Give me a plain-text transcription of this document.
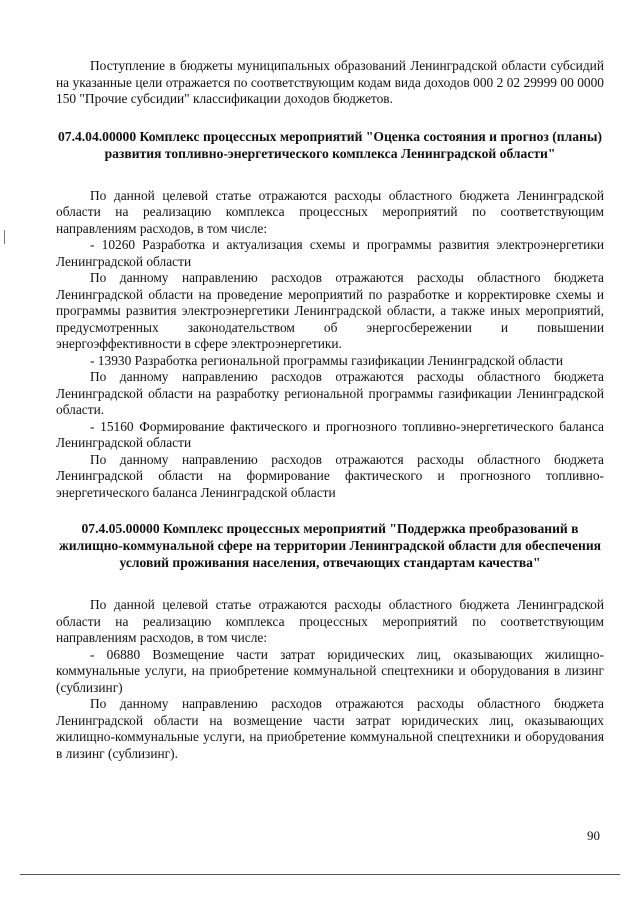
Поступление в бюджеты муниципальных образований Ленинградской области субсидий на указанные цели отражается по соответствующим кодам вида доходов 000 2 02 29999 00 0000 150 "Прочие субсидии" классификации доходов бюджетов.

07.4.04.00000 Комплекс процессных мероприятий "Оценка состояния и прогноз (планы) развития топливно-энергетического комплекса Ленинградской области"

По данной целевой статье отражаются расходы областного бюджета Ленинградской области на реализацию комплекса процессных мероприятий по соответствующим направлениям расходов, в том числе:

- 10260 Разработка и актуализация схемы и программы развития электроэнергетики Ленинградской области

По данному направлению расходов отражаются расходы областного бюджета Ленинградской области на проведение мероприятий по разработке и корректировке схемы и программы развития электроэнергетики Ленинградской области, а также иных мероприятий, предусмотренных законодательством об энергосбережении и повышении энергоэффективности в сфере электроэнергетики.

- 13930 Разработка региональной программы газификации Ленинградской области

По данному направлению расходов отражаются расходы областного бюджета Ленинградской области на разработку региональной программы газификации Ленинградской области.

- 15160 Формирование фактического и прогнозного топливно-энергетического баланса Ленинградской области

По данному направлению расходов отражаются расходы областного бюджета Ленинградской области на формирование фактического и прогнозного топливно-энергетического баланса Ленинградской области

07.4.05.00000 Комплекс процессных мероприятий "Поддержка преобразований в жилищно-коммунальной сфере на территории Ленинградской области для обеспечения условий проживания населения, отвечающих стандартам качества"

По данной целевой статье отражаются расходы областного бюджета Ленинградской области на реализацию комплекса процессных мероприятий по соответствующим направлениям расходов, в том числе:

- 06880 Возмещение части затрат юридических лиц, оказывающих жилищно-коммунальные услуги, на приобретение коммунальной спецтехники и оборудования в лизинг (сублизинг)

По данному направлению расходов отражаются расходы областного бюджета Ленинградской области на возмещение части затрат юридических лиц, оказывающих жилищно-коммунальные услуги, на приобретение коммунальной спецтехники и оборудования в лизинг (сублизинг).

90
